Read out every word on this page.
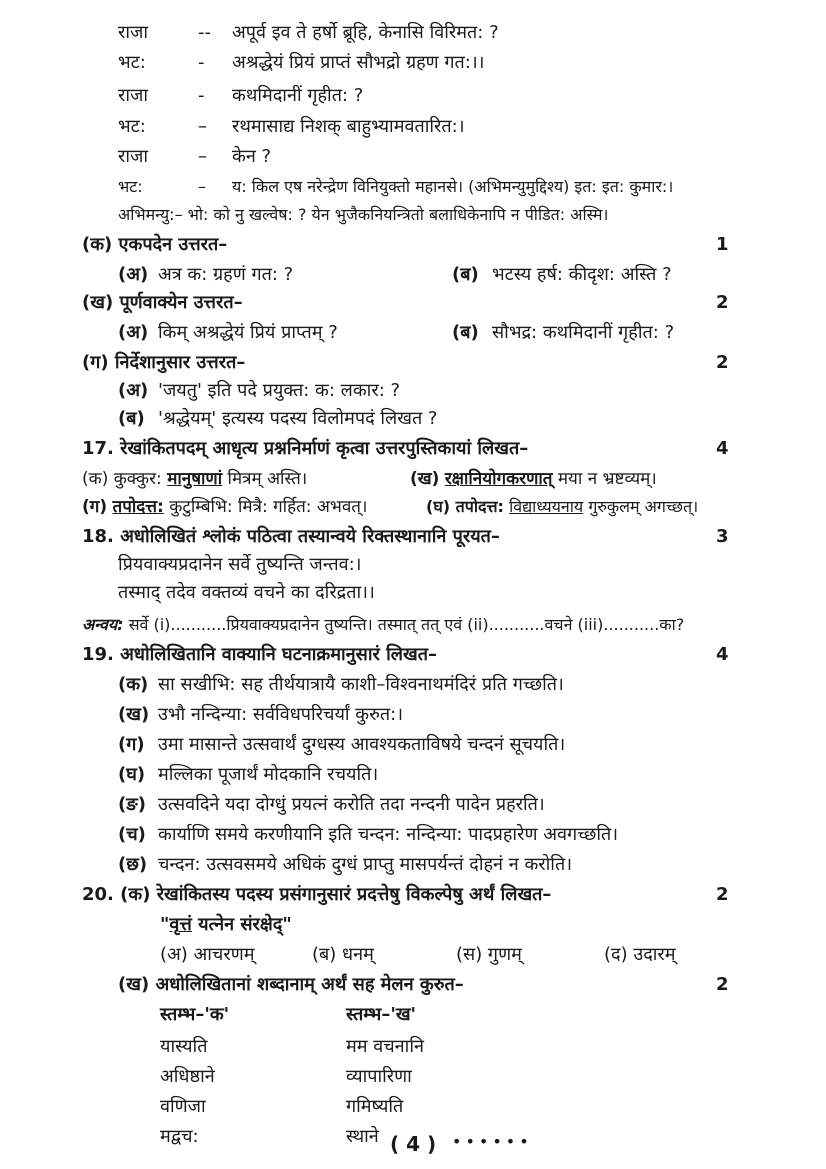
राजा	-- अपूर्व इव ते हर्षो ब्रूहि, केनासि विरिमत: ?
भट:	- अश्रद्धेयं प्रियं प्राप्तं सौभद्रो ग्रहण गत:।।
राजा	- कथमिदानीं गृहीत: ?
भट:	– रथमासाद्य निशक् बाहुभ्यामवतारित:।
राजा	– केन ?
भट:	– य: किल एष नरेन्द्रेण विनियुक्तो महानसे। (अभिमन्युमुद्दिश्य) इत: इत: कुमार:।
अभिमन्यु:– भो: को नु खल्वेष: ? येन भुजैकनियन्त्रितो बलाधिकेनापि न पीडित: अस्मि।
(क) एकपदेन उत्तरत–	1
(अ) अत्र क: ग्रहणं गत: ?	(ब) भटस्य हर्ष: कीदृश: अस्ति ?
(ख) पूर्णवाक्येन उत्तरत–	2
(अ) किम् अश्रद्धेयं प्रियं प्राप्तम् ?	(ब) सौभद्र: कथमिदानीं गृहीत: ?
(ग) निर्देशानुसार उत्तरत–	2
(अ) 'जयतु' इति पदे प्रयुक्त: क: लकार: ?
(ब) 'श्रद्धेयम्' इत्यस्य पदस्य विलोमपदं लिखत ?
17. रेखांकितपदम् आधृत्य प्रश्ननिर्माणं कृत्वा उत्तरपुस्तिकायां लिखत–	4
(क) कुक्कुर: मानुषाणां मित्रम् अस्ति।	(ख) रक्षानियोगकरणात् मया न भ्रष्टव्यम्।
(ग) तपोदत्त: कुटुम्बिभि: मित्रै: गर्हित: अभवत्।	(घ) तपोदत्त: विद्याध्ययनाय गुरुकुलम् अगच्छत्।
18. अधोलिखितं श्लोकं पठित्वा तस्यान्वये रिक्तस्थानानि पूरयत–	3
प्रियवाक्यप्रदानेन सर्वे तुष्यन्ति जन्तव:।
तस्माद् तदेव वक्तव्यं वचने का दरिद्रता।।
अन्वय: सर्वे (i)...........प्रियवाक्यप्रदानेन तुष्यन्ति। तस्मात् तत् एवं (ii)...........वचने (iii)...........का?
19. अधोलिखितानि वाक्यानि घटनाक्रमानुसारं लिखत–	4
(क) सा सखीभि: सह तीर्थयात्रायै काशी–विश्वनाथमंदिरं प्रति गच्छति।
(ख) उभौ नन्दिन्या: सर्वविधपरिचर्यां कुरुत:।
(ग) उमा मासान्ते उत्सवार्थं दुग्धस्य आवश्यकताविषये चन्दनं सूचयति।
(घ) मल्लिका पूजार्थं मोदकानि रचयति।
(ङ) उत्सवदिने यदा दोग्धुं प्रयत्नं करोति तदा नन्दनी पादेन प्रहरति।
(च) कार्याणि समये करणीयानि इति चन्दन: नन्दिन्या: पादप्रहारेण अवगच्छति।
(छ) चन्दन: उत्सवसमये अधिकं दुग्धं प्राप्तु मासपर्यन्तं दोहनं न करोति।
20. (क) रेखांकितस्य पदस्य प्रसंगानुसारं प्रदत्तेषु विकल्पेषु अर्थं लिखत–	2
"वृत्तं यत्नेन संरक्षेद्"
(अ) आचरणम्	(ब) धनम्	(स) गुणम्	(द) उदारम्
(ख) अधोलिखितानां शब्दानाम् अर्थं सह मेलन कुरुत–	2
स्तम्भ–'क'	स्तम्भ–'ख'
यास्यति	मम वचनानि
अधिष्ठाने	व्यापारिणा
वणिजा	गमिष्यति
मद्वच:	स्थाने ( 4 ) ••••••
